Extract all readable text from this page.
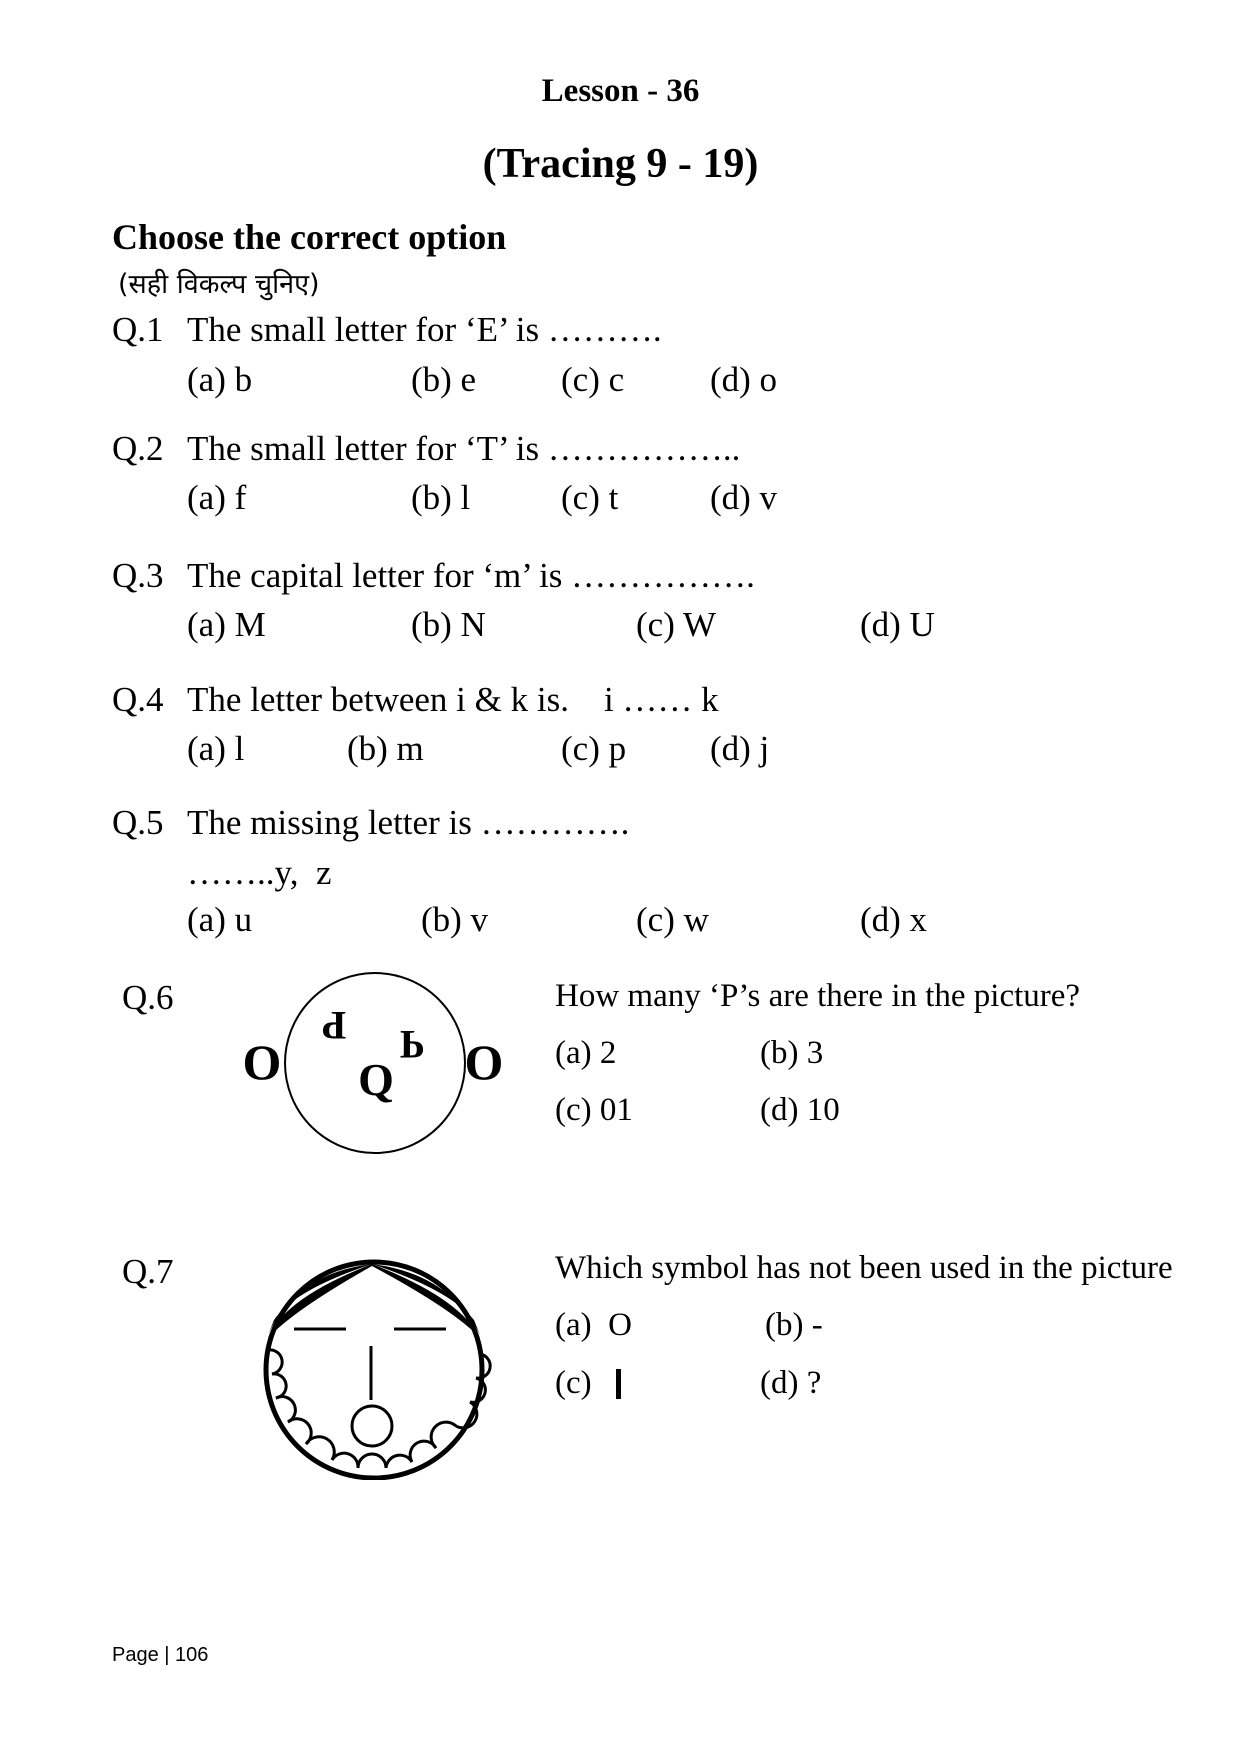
Lesson - 36
(Tracing 9 - 19)
Choose the correct option
(सही विकल्प चुनिए)
Q.1 The small letter for ‘E’ is ……….
(a) b	(b) e (c) c (d) o
Q.2 The small letter for ‘T’ is ……………..
(a) f	(b) l	(c) t	(d) v
Q.3 The capital letter for ‘m’ is …………….
(a) M	(b) N	(c) W	(d) U
Q.4 The letter between i & k is.    i …… k
(a) l	(b) m	(c) p (d) j
Q.5 The missing letter is ………….
……..y,  z
(a) u	(b) v	(c) w	(d) x
Q.6
O	O
P P
Q
How many ‘P’s are there in the picture?
(a) 2	(b) 3
(c) 01	(d) 10
Q.7	Which symbol has not been used in the picture
(a)  O	(b) -
(c)	(d) ?
Page | 106
